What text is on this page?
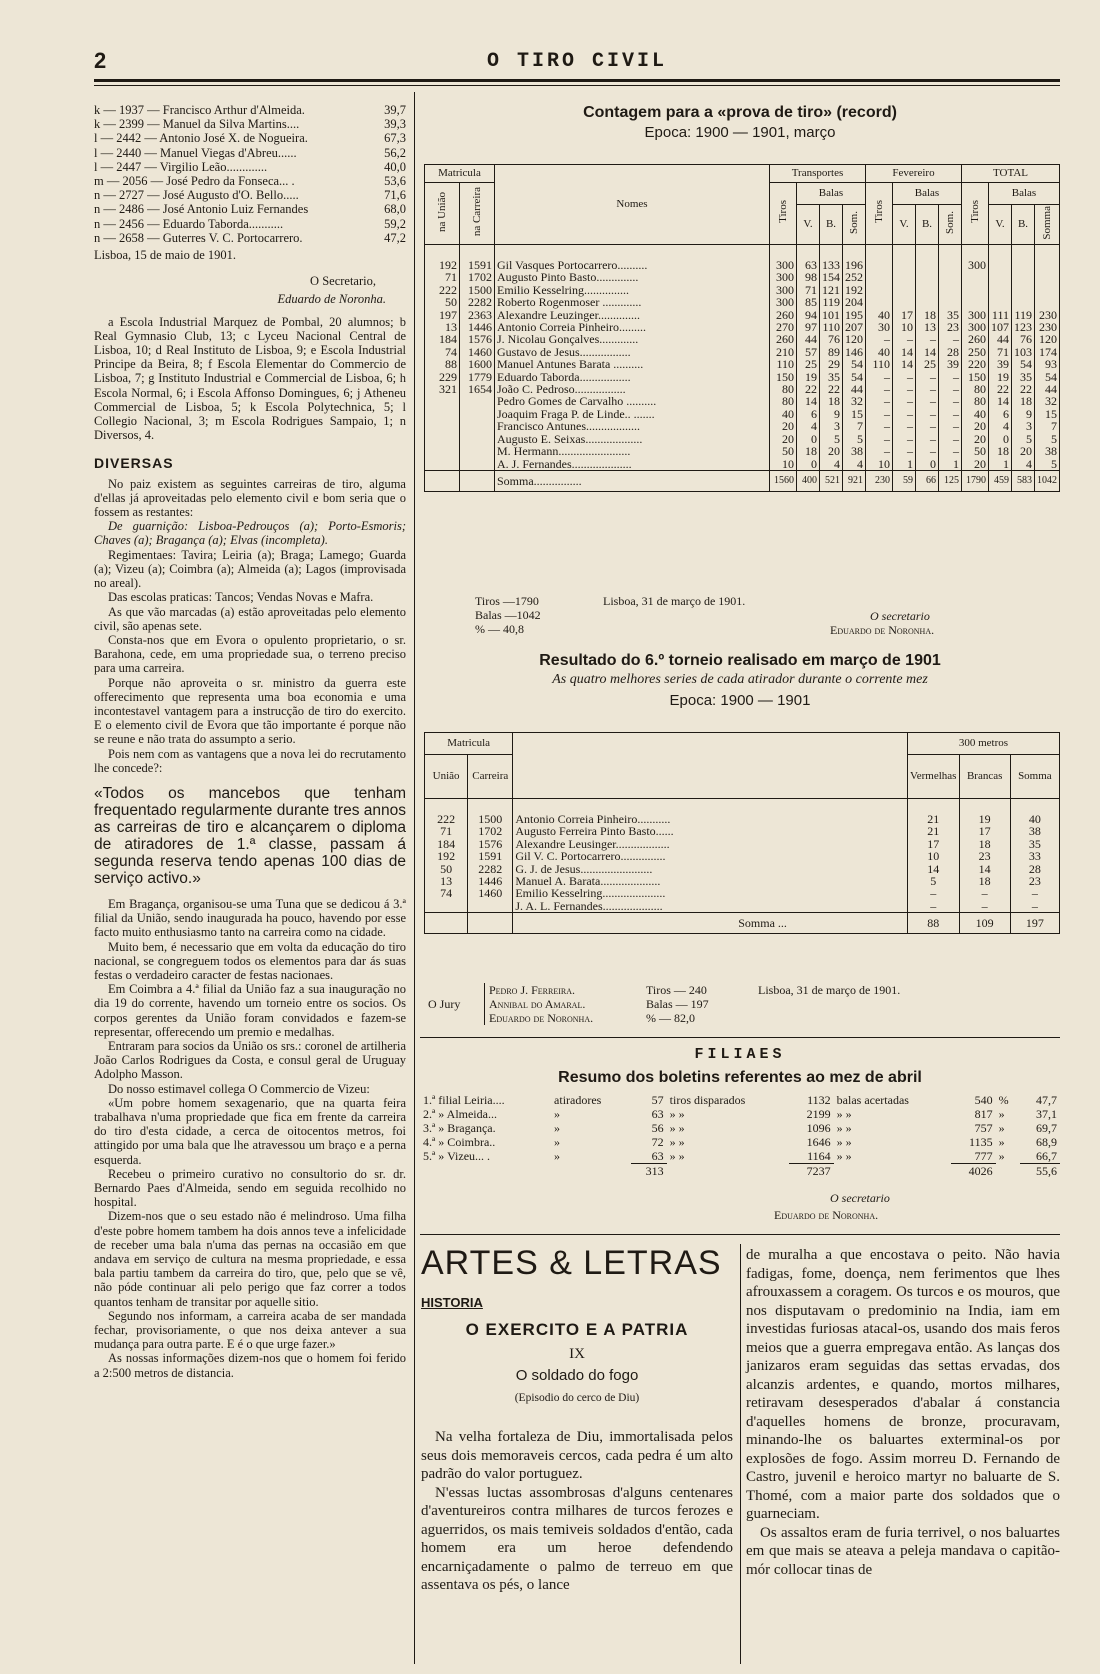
2	O TIRO CIVIL
k — 1937 — Francisco Arthur d'Almeida.	39,7
k — 2399 — Manuel da Silva Martins....	39,3
l — 2442 — Antonio José X. de Nogueira.	67,3
l — 2440 — Manuel Viegas d'Abreu......	56,2
l — 2447 — Virgilio Leão.............	40,0
m — 2056 — José Pedro da Fonseca... .	53,6
n — 2727 — José Augusto d'O. Bello.....	71,6
n — 2486 — José Antonio Luiz Fernandes	68,0
n — 2456 — Eduardo Taborda...........	59,2
n — 2658 — Guterres V. C. Portocarrero.	47,2

Lisboa, 15 de maio de 1901.

O Secretario,

Eduardo de Noronha.

a Escola Industrial Marquez de Pombal, 20 alumnos; b Real Gymnasio Club, 13; c Lyceu Nacional Central de Lisboa, 10; d Real Instituto de Lisboa, 9; e Escola Industrial Principe da Beira, 8; f Escola Elementar do Commercio de Lisboa, 7; g Instituto Industrial e Commercial de Lisboa, 6; h Escola Normal, 6; i Escola Affonso Domingues, 6; j Atheneu Commercial de Lisboa, 5; k Escola Polytechnica, 5; l Collegio Nacional, 3; m Escola Rodrigues Sampaio, 1; n Diversos, 4.

DIVERSAS

No paiz existem as seguintes carreiras de tiro, alguma d'ellas já aproveitadas pelo elemento civil e bom seria que o fossem as restantes:

De guarnição: Lisboa-Pedrouços (a); Porto-Esmoris; Chaves (a); Bragança (a); Elvas (incompleta).

Regimentaes: Tavira; Leiria (a); Braga; Lamego; Guarda (a); Vizeu (a); Coimbra (a); Almeida (a); Lagos (improvisada no areal).

Das escolas praticas: Tancos; Vendas Novas e Mafra.

As que vão marcadas (a) estão aproveitadas pelo elemento civil, são apenas sete.

Consta-nos que em Evora o opulento proprietario, o sr. Barahona, cede, em uma propriedade sua, o terreno preciso para uma carreira.

Porque não aproveita o sr. ministro da guerra este offerecimento que representa uma boa economia e uma incontestavel vantagem para a instrucção de tiro do exercito. E o elemento civil de Evora que tão importante é porque não se reune e não trata do assumpto a serio.

Pois nem com as vantagens que a nova lei do recrutamento lhe concede?:

«Todos os mancebos que tenham frequentado regularmente durante tres annos as carreiras de tiro e alcançarem o diploma de atiradores de 1.ª classe, passam á segunda reserva tendo apenas 100 dias de serviço activo.»

Em Bragança, organisou-se uma Tuna que se dedicou á 3.ª filial da União, sendo inaugurada ha pouco, havendo por esse facto muito enthusiasmo tanto na carreira como na cidade.

Muito bem, é necessario que em volta da educação do tiro nacional, se congreguem todos os elementos para dar ás suas festas o verdadeiro caracter de festas nacionaes.

Em Coimbra a 4.ª filial da União faz a sua inauguração no dia 19 do corrente, havendo um torneio entre os socios. Os corpos gerentes da União foram convidados e fazem-se representar, offerecendo um premio e medalhas.

Entraram para socios da União os srs.: coronel de artilheria João Carlos Rodrigues da Costa, e consul geral de Uruguay Adolpho Masson.

Do nosso estimavel collega O Commercio de Vizeu:

«Um pobre homem sexagenario, que na quarta feira trabalhava n'uma propriedade que fica em frente da carreira do tiro d'esta cidade, a cerca de oitocentos metros, foi attingido por uma bala que lhe atravessou um braço e a perna esquerda.

Recebeu o primeiro curativo no consultorio do sr. dr. Bernardo Paes d'Almeida, sendo em seguida recolhido no hospital.

Dizem-nos que o seu estado não é melindroso. Uma filha d'este pobre homem tambem ha dois annos teve a infelicidade de receber uma bala n'uma das pernas na occasião em que andava em serviço de cultura na mesma propriedade, e essa bala partiu tambem da carreira do tiro, que, pelo que se vê, não póde continuar ali pelo perigo que faz correr a todos quantos tenham de transitar por aquelle sitio.

Segundo nos informam, a carreira acaba de ser mandada fechar, provisoriamente, o que nos deixa antever a sua mudança para outra parte. E é o que urge fazer.»

As nossas informações dizem-nos que o homem foi ferido a 2:500 metros de distancia.

Contagem para a «prova de tiro» (record)
Epoca: 1900 — 1901, março
Matricula		Nomes	Transportes				Fevereiro				TOTAL			
na União	na Carreira		Tiros	Balas			Tiros	Balas			Tiros	Balas		
				V.	B.	Som.		V.	B.	Som.		V.	B.	Somma
192	1591	Gil Vasques Portocarrero..........	300	63	133	196					300			
71	1702	Augusto Pinto Basto..............	300	98	154	252								
222	1500	Emilio Kesselring...............	300	71	121	192								
50	2282	Roberto Rogenmoser .............	300	85	119	204								
197	2363	Alexandre Leuzinger..............	260	94	101	195	40	17	18	35	300	111	119	230
13	1446	Antonio Correia Pinheiro.........	270	97	110	207	30	10	13	23	300	107	123	230
184	1576	J. Nicolau Gonçalves.............	260	44	76	120	–	–	–	–	260	44	76	120
74	1460	Gustavo de Jesus.................	210	57	89	146	40	14	14	28	250	71	103	174
88	1600	Manuel Antunes Barata ..........	110	25	29	54	110	14	25	39	220	39	54	93
229	1779	Eduardo Taborda.................	150	19	35	54	–	–	–	–	150	19	35	54
321	1654	João C. Pedroso.................	80	22	22	44	–	–	–	–	80	22	22	44
		Pedro Gomes de Carvalho ..........	80	14	18	32	–	–	–	–	80	14	18	32
		Joaquim Fraga P. de Linde.. .......	40	6	9	15	–	–	–	–	40	6	9	15
		Francisco Antunes..................	20	4	3	7	–	–	–	–	20	4	3	7
		Augusto E. Seixas...................	20	0	5	5	–	–	–	–	20	0	5	5
		M. Hermann........................	50	18	20	38	–	–	–	–	50	18	20	38
		A. J. Fernandes....................	10	0	4	4	10	1	0	1	20	1	4	5
		Somma................	1560	400	521	921	230	59	66	125	1790	459	583	1042
Tiros —1790
Balas —1042
% — 40,8
Lisboa, 31 de março de 1901.
O secretario
Eduardo de Noronha.
Resultado do 6.º torneio realisado em março de 1901
As quatro melhores series de cada atirador durante o corrente mez
Epoca: 1900 — 1901
Matricula			300 metros		
União	Carreira		Vermelhas	Brancas	Somma
222	1500	Antonio Correia Pinheiro...........	21	19	40
71	1702	Augusto Ferreira Pinto Basto......	21	17	38
184	1576	Alexandre Leusinger..................	17	18	35
192	1591	Gil V. C. Portocarrero...............	10	23	33
50	2282	G. J. de Jesus........................	14	14	28
13	1446	Manuel A. Barata....................	5	18	23
74	1460	Emilio Kesselring.....................	–	–	–
		J. A. L. Fernandes....................	–	–	–
		Somma ...	88	109	197
O Jury
Pedro J. Ferreira.
Annibal do Amaral.
Eduardo de Noronha.
Tiros — 240
Balas — 197
% — 82,0
Lisboa, 31 de março de 1901.
FILIAES
Resumo dos boletins referentes ao mez de abril
1.ª filial Leiria....	atiradores	57	tiros disparados	1132	balas acertadas	540	%	47,7
2.ª » Almeida...	»	63	» »	2199	» »	817	»	37,1
3.ª » Bragança.	»	56	» »	1096	» »	757	»	69,7
4.ª » Coimbra..	»	72	» »	1646	» »	1135	»	68,9
5.ª » Vizeu... .	»	63	» »	1164	» »	777	»	66,7
		313		7237		4026		55,6
O secretario
Eduardo de Noronha.
ARTES & LETRAS
HISTORIA
O EXERCITO E A PATRIA
IX
O soldado do fogo
(Episodio do cerco de Diu)

Na velha fortaleza de Diu, immortalisada pelos seus dois memoraveis cercos, cada pedra é um alto padrão do valor portuguez.

N'essas luctas assombrosas d'alguns centenares d'aventureiros contra milhares de turcos ferozes e aguerridos, os mais temiveis soldados d'então, cada homem era um heroe defendendo encarniçadamente o palmo de terreuo em que assentava os pés, o lance

de muralha a que encostava o peito. Não havia fadigas, fome, doença, nem ferimentos que lhes afrouxassem a coragem. Os turcos e os mouros, que nos disputavam o predominio na India, iam em investidas furiosas atacal-os, usando dos mais feros meios que a guerra empregava então. As lanças dos janizaros eram seguidas das settas ervadas, dos alcanzis ardentes, e quando, mortos milhares, retiravam desesperados d'abalar á constancia d'aquelles homens de bronze, procuravam, minando-lhe os baluartes exterminal-os por explosões de fogo. Assim morreu D. Fernando de Castro, juvenil e heroico martyr no baluarte de S. Thomé, com a maior parte dos soldados que o guarneciam.

Os assaltos eram de furia terrivel, o nos baluartes em que mais se ateava a peleja mandava o capitão-mór collocar tinas de
